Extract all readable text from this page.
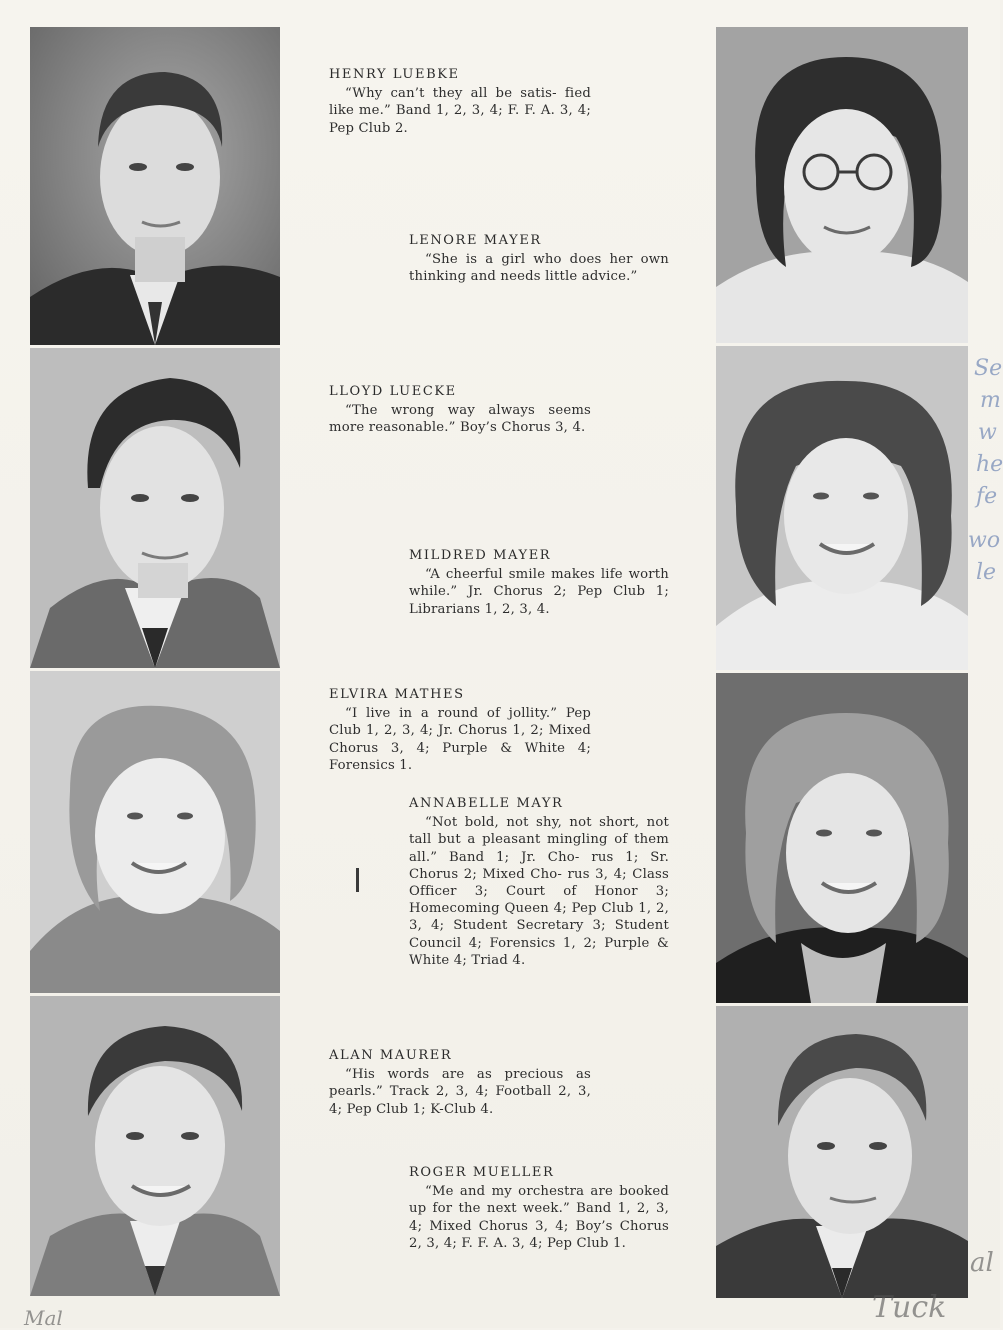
HENRY LUEBKE
“Why can’t they all be satis- fied like me.” Band 1, 2, 3, 4; F. F. A. 3, 4; Pep Club 2.
LENORE MAYER
“She is a girl who does her own thinking and needs little advice.”
LLOYD LUECKE
“The wrong way always seems more reasonable.” Boy’s Chorus 3, 4.
MILDRED MAYER
“A cheerful smile makes life worth while.” Jr. Chorus 2; Pep Club 1; Librarians 1, 2, 3, 4.
ELVIRA MATHES
“I live in a round of jollity.” Pep Club 1, 2, 3, 4; Jr. Chorus 1, 2; Mixed Chorus 3, 4; Purple & White 4; Forensics 1.
ANNABELLE MAYR
“Not bold, not shy, not short, not tall but a pleasant mingling of them all.” Band 1; Jr. Cho- rus 1; Sr. Chorus 2; Mixed Cho- rus 3, 4; Class Officer 3; Court of Honor 3; Homecoming Queen 4; Pep Club 1, 2, 3, 4; Student Secretary 3; Student Council 4; Forensics 1, 2; Purple & White 4; Triad 4.
ALAN MAURER
“His words are as precious as pearls.” Track 2, 3, 4; Football 2, 3, 4; Pep Club 1; K-Club 4.
ROGER MUELLER
“Me and my orchestra are booked up for the next week.” Band 1, 2, 3, 4; Mixed Chorus 3, 4; Boy’s Chorus 2, 3, 4; F. F. A. 3, 4; Pep Club 1.
Se
m
w
he
fe
wo
le
Tuck
al
Mal
